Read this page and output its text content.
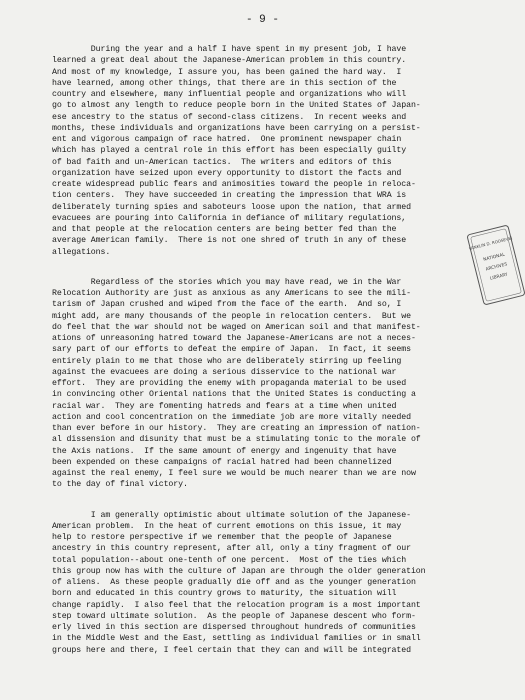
- 9 -
During the year and a half I have spent in my present job, I have
learned a great deal about the Japanese-American problem in this country.
And most of my knowledge, I assure you, has been gained the hard way.  I
have learned, among other things, that there are in this section of the
country and elsewhere, many influential people and organizations who will
go to almost any length to reduce people born in the United States of Japan-
ese ancestry to the status of second-class citizens.  In recent weeks and
months, these individuals and organizations have been carrying on a persist-
ent and vigorous campaign of race hatred.  One prominent newspaper chain
which has played a central role in this effort has been especially guilty
of bad faith and un-American tactics.  The writers and editors of this
organization have seized upon every opportunity to distort the facts and
create widespread public fears and animosities toward the people in reloca-
tion centers.  They have succeeded in creating the impression that WRA is
deliberately turning spies and saboteurs loose upon the nation, that armed
evacuees are pouring into California in defiance of military regulations,
and that people at the relocation centers are being better fed than the
average American family.  There is not one shred of truth in any of these
allegations.
Regardless of the stories which you may have read, we in the War
Relocation Authority are just as anxious as any Americans to see the mili-
tarism of Japan crushed and wiped from the face of the earth.  And so, I
might add, are many thousands of the people in relocation centers.  But we
do feel that the war should not be waged on American soil and that manifest-
ations of unreasoning hatred toward the Japanese-Americans are not a neces-
sary part of our efforts to defeat the empire of Japan.  In fact, it seems
entirely plain to me that those who are deliberately stirring up feeling
against the evacuees are doing a serious disservice to the national war
effort.  They are providing the enemy with propaganda material to be used
in convincing other Oriental nations that the United States is conducting a
racial war.  They are fomenting hatreds and fears at a time when united
action and cool concentration on the immediate job are more vitally needed
than ever before in our history.  They are creating an impression of nation-
al dissension and disunity that must be a stimulating tonic to the morale of
the Axis nations.  If the same amount of energy and ingenuity that have
been expended on these campaigns of racial hatred had been channelized
against the real enemy, I feel sure we would be much nearer than we are now
to the day of final victory.
I am generally optimistic about ultimate solution of the Japanese-
American problem.  In the heat of current emotions on this issue, it may
help to restore perspective if we remember that the people of Japanese
ancestry in this country represent, after all, only a tiny fragment of our
total population--about one-tenth of one percent.  Most of the ties which
this group now has with the culture of Japan are through the older generation
of aliens.  As these people gradually die off and as the younger generation
born and educated in this country grows to maturity, the situation will
change rapidly.  I also feel that the relocation program is a most important
step toward ultimate solution.  As the people of Japanese descent who form-
erly lived in this section are dispersed throughout hundreds of communities
in the Middle West and the East, settling as individual families or in small
groups here and there, I feel certain that they can and will be integrated
FRANKLIN D. ROOSEVELT
NATIONAL
ARCHIVES
LIBRARY
